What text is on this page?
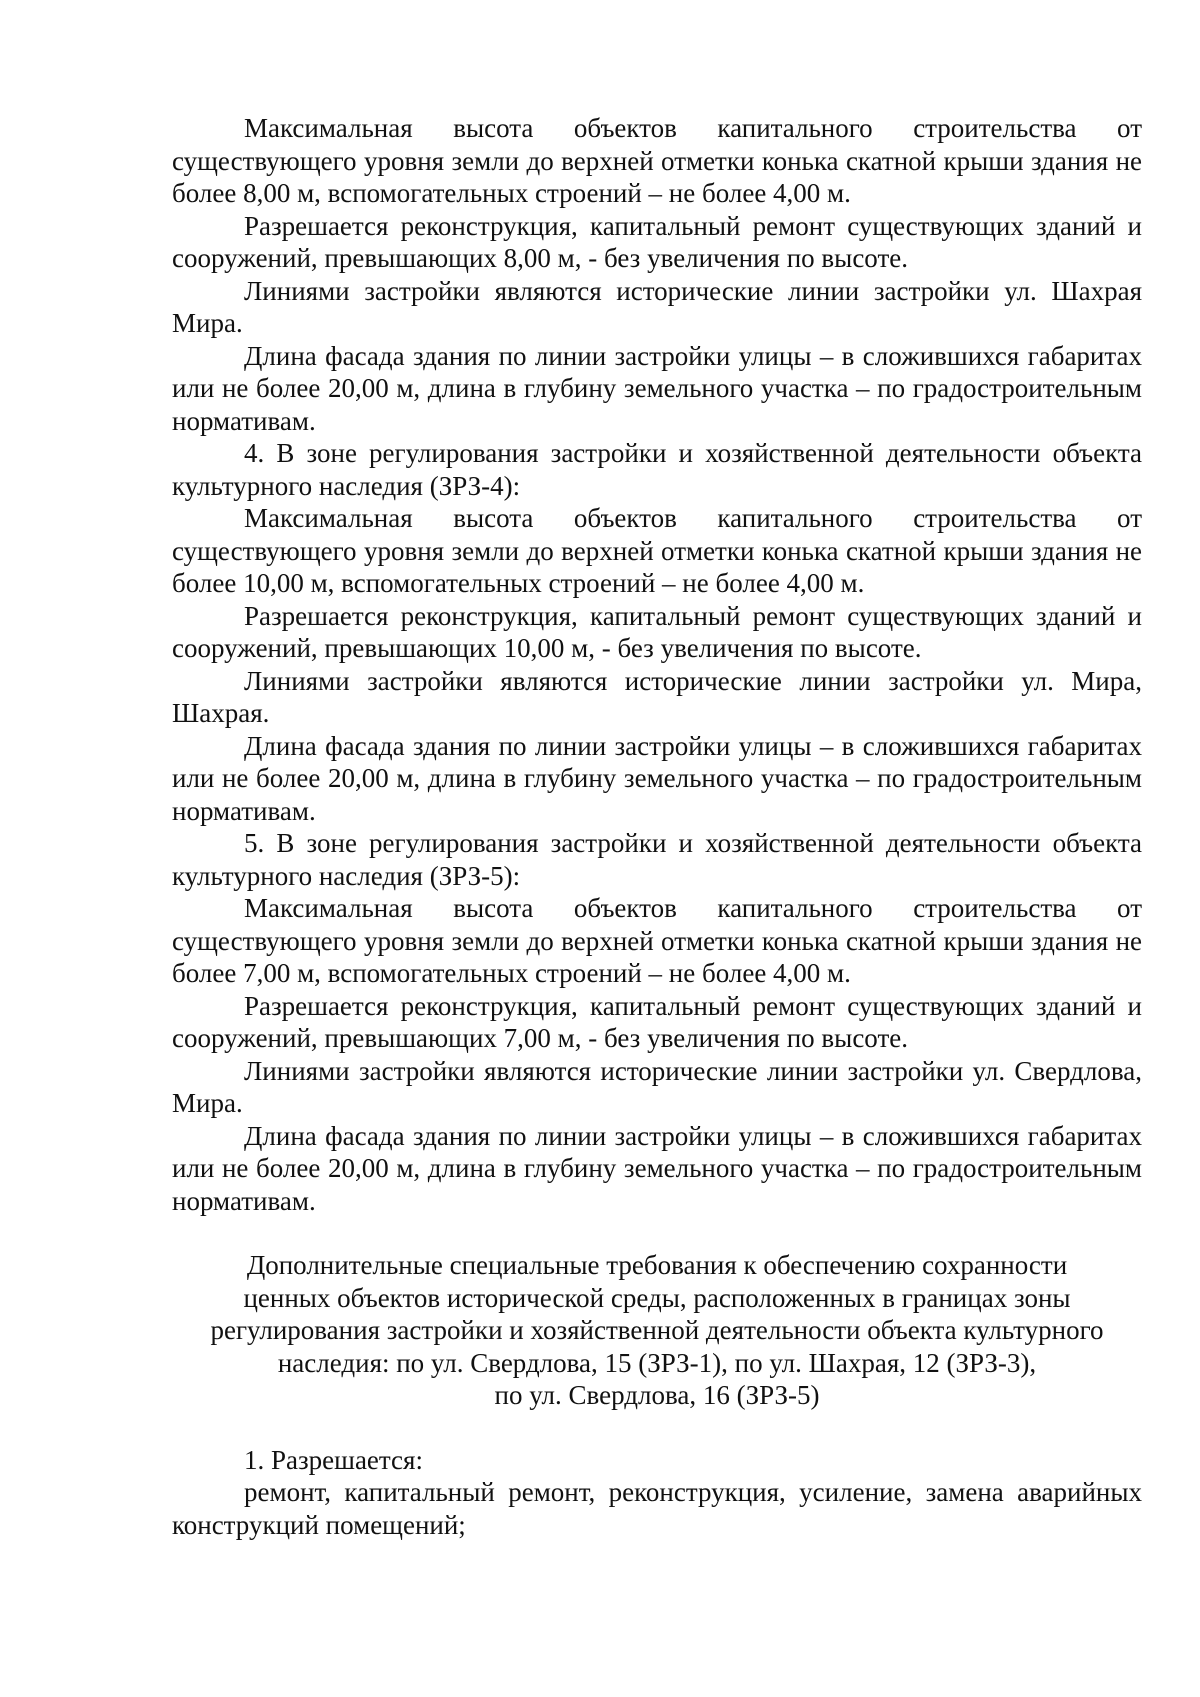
Максимальная высота объектов капитального строительства от существующего уровня земли до верхней отметки конька скатной крыши здания не более 8,00 м, вспомогательных строений – не более 4,00 м.

Разрешается реконструкция, капитальный ремонт существующих зданий и сооружений, превышающих 8,00 м, - без увеличения по высоте.

Линиями застройки являются исторические линии застройки ул. Шахрая Мира.

Длина фасада здания по линии застройки улицы – в сложившихся габаритах или не более 20,00 м, длина в глубину земельного участка – по градостроительным нормативам.

4. В зоне регулирования застройки и хозяйственной деятельности объекта культурного наследия (ЗРЗ-4):

Максимальная высота объектов капитального строительства от существующего уровня земли до верхней отметки конька скатной крыши здания не более 10,00 м, вспомогательных строений – не более 4,00 м.

Разрешается реконструкция, капитальный ремонт существующих зданий и сооружений, превышающих 10,00 м, - без увеличения по высоте.

Линиями застройки являются исторические линии застройки ул. Мира, Шахрая.

Длина фасада здания по линии застройки улицы – в сложившихся габаритах или не более 20,00 м, длина в глубину земельного участка – по градостроительным нормативам.

5. В зоне регулирования застройки и хозяйственной деятельности объекта культурного наследия (ЗРЗ-5):

Максимальная высота объектов капитального строительства от существующего уровня земли до верхней отметки конька скатной крыши здания не более 7,00 м, вспомогательных строений – не более 4,00 м.

Разрешается реконструкция, капитальный ремонт существующих зданий и сооружений, превышающих 7,00 м, - без увеличения по высоте.

Линиями застройки являются исторические линии застройки ул. Свердлова, Мира.

Длина фасада здания по линии застройки улицы – в сложившихся габаритах или не более 20,00 м, длина в глубину земельного участка – по градостроительным нормативам.

Дополнительные специальные требования к обеспечению сохранности
ценных объектов исторической среды, расположенных в границах зоны
регулирования застройки и хозяйственной деятельности объекта культурного
наследия: по ул. Свердлова, 15 (ЗРЗ-1), по ул. Шахрая, 12 (ЗРЗ-3),
по ул. Свердлова, 16 (ЗРЗ-5)

1. Разрешается:

ремонт, капитальный ремонт, реконструкция, усиление, замена аварийных конструкций помещений;
